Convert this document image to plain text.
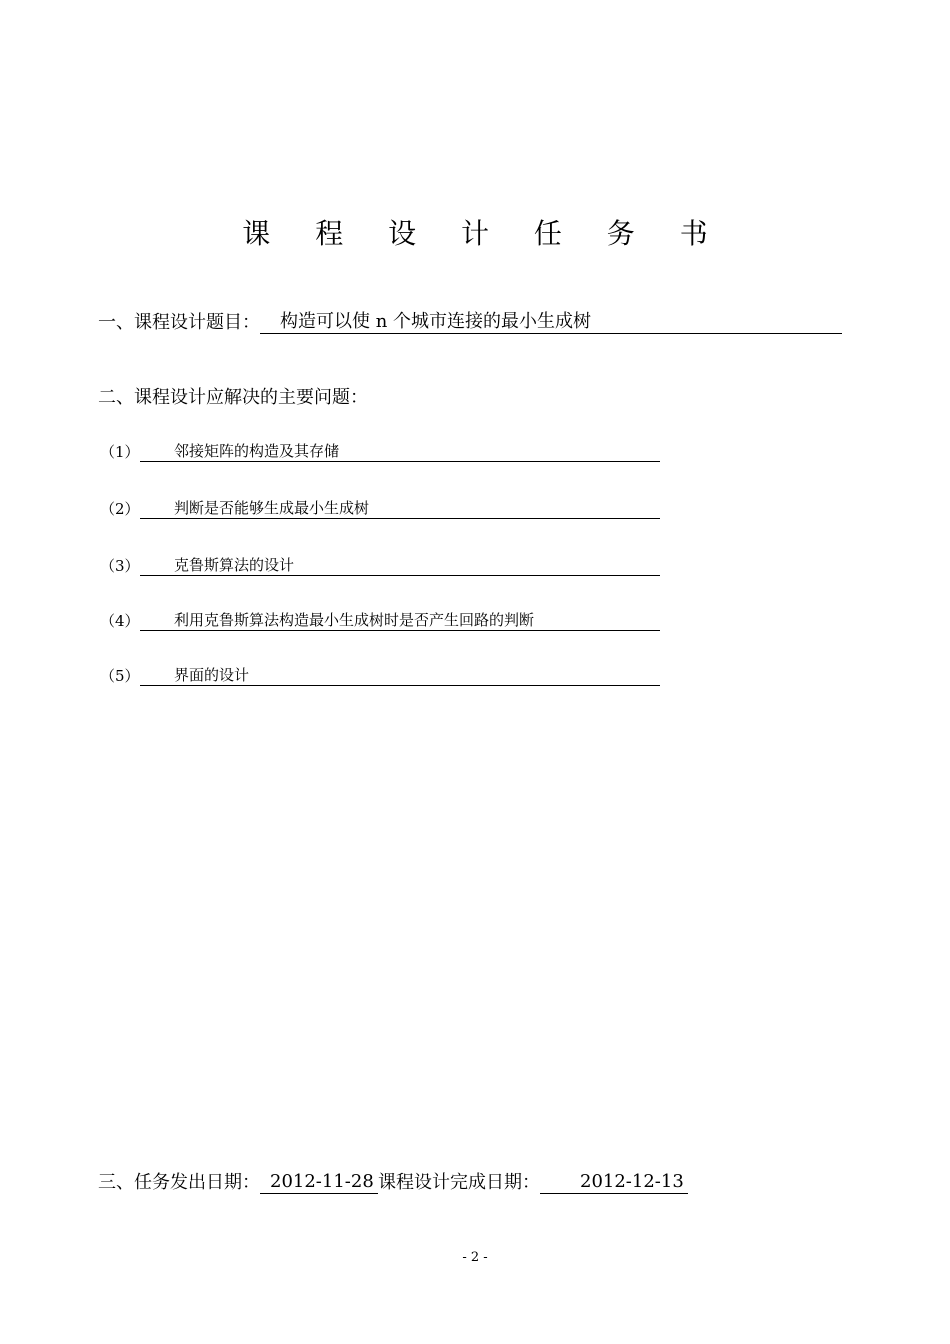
课 程 设 计 任 务 书
一、课程设计题目：	构造可以使 n 个城市连接的最小生成树
二、课程设计应解决的主要问题：
（1）	邻接矩阵的构造及其存储
（2）	判断是否能够生成最小生成树
（3）	克鲁斯算法的设计
（4）	利用克鲁斯算法构造最小生成树时是否产生回路的判断
（5）	界面的设计
三、任务发出日期： 2012-11-28 课程设计完成日期：	2012-12-13
- 2 -
